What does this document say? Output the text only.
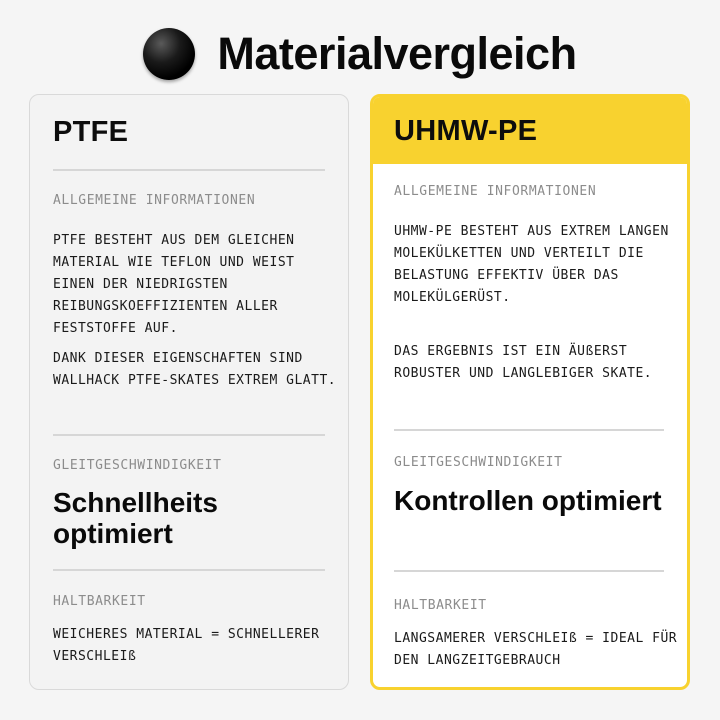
Materialvergleich
PTFE
ALLGEMEINE INFORMATIONEN

PTFE BESTEHT AUS DEM GLEICHEN MATERIAL WIE TEFLON UND WEIST EINEN DER NIEDRIGSTEN REIBUNGSKOEFFIZIENTEN ALLER FESTSTOFFE AUF.

DANK DIESER EIGENSCHAFTEN SIND WALLHACK PTFE-SKATES EXTREM GLATT.

GLEITGESCHWINDIGKEIT
Schnellheits optimiert
HALTBARKEIT

WEICHERES MATERIAL = SCHNELLERER VERSCHLEIß

UHMW-PE
ALLGEMEINE INFORMATIONEN

UHMW-PE BESTEHT AUS EXTREM LANGEN MOLEKÜLKETTEN UND VERTEILT DIE BELASTUNG EFFEKTIV ÜBER DAS MOLEKÜLGERÜST.

DAS ERGEBNIS IST EIN ÄUßERST ROBUSTER UND LANGLEBIGER SKATE.

GLEITGESCHWINDIGKEIT
Kontrollen optimiert
HALTBARKEIT

LANGSAMERER VERSCHLEIß = IDEAL FÜR DEN LANGZEITGEBRAUCH
